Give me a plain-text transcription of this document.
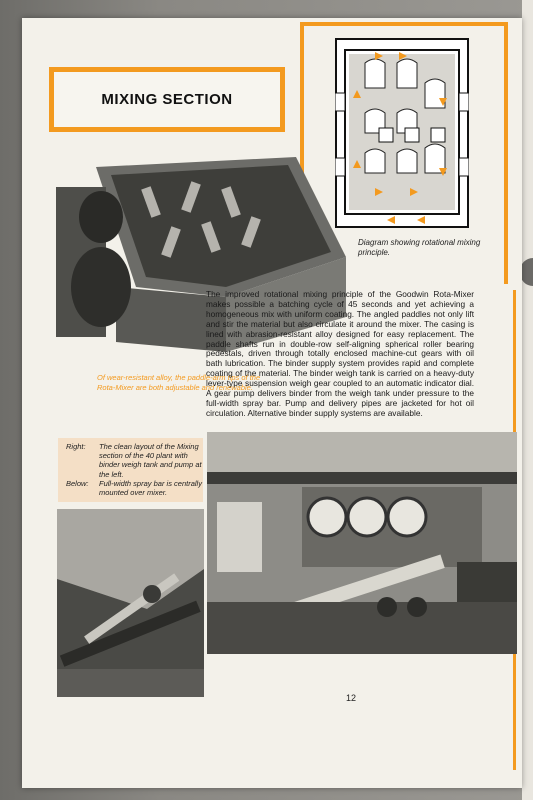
MIXING SECTION
Diagram showing rotational mixing principle.
Of wear-resistant alloy, the paddle-arm tips of the Rota-Mixer are both adjustable and renewable.
The improved rotational mixing principle of the Goodwin Rota-Mixer makes possible a batching cycle of 45 seconds and yet achieving a homogeneous mix with uniform coating. The angled paddles not only lift and stir the material but also circulate it around the mixer. The casing is lined with abrasion-resistant alloy designed for easy replacement. The paddle shafts run in double-row self-aligning spherical roller bearing pedestals, driven through totally enclosed machine-cut gears with oil bath lubrication. The binder supply system provides rapid and complete coating of the material. The binder weigh tank is carried on a heavy-duty lever-type suspension weigh gear coupled to an automatic indicator dial. A gear pump delivers binder from the weigh tank under pressure to the full-width spray bar. Pump and delivery pipes are jacketed for hot oil circulation. Alternative binder supply systems are available.
Right: The clean layout of the Mixing section of the 40 plant with binder weigh tank and pump at the left.
Below: Full-width spray bar is centrally mounted over mixer.
12
